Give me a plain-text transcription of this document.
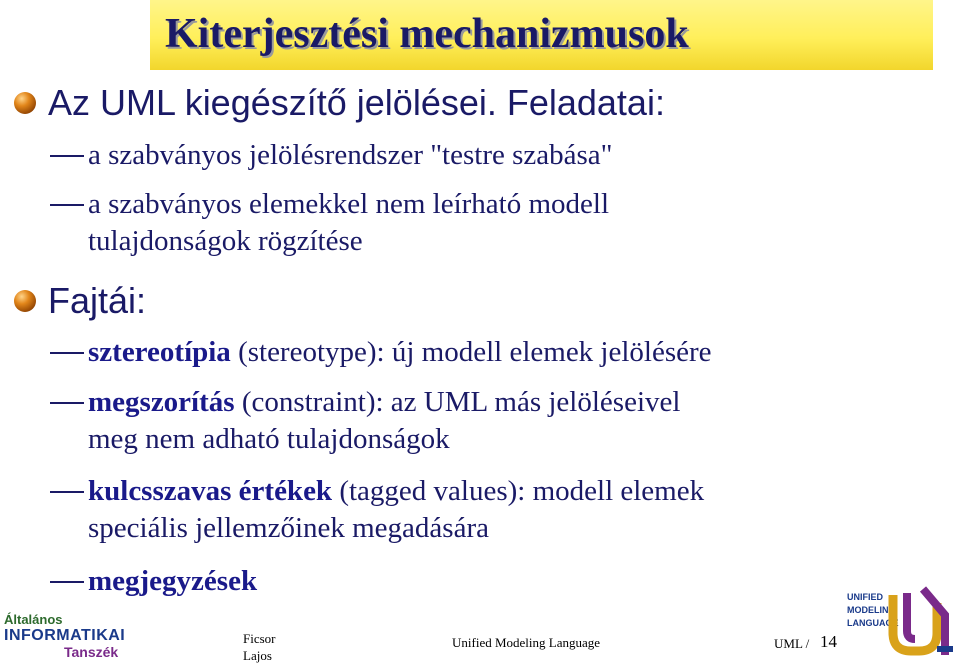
Kiterjesztési mechanizmusok
Az UML kiegészítő jelölései. Feladatai:
a szabványos jelölésrendszer "testre szabása"
a szabványos elemekkel nem leírható modell
tulajdonságok rögzítése
Fajtái:
sztereotípia (stereotype): új modell elemek jelölésére
megszorítás (constraint): az UML más jelöléseivel
meg nem adható tulajdonságok
kulcsszavas értékek (tagged values): modell elemek
speciális jellemzőinek megadására
megjegyzések
Általános
INFORMATIKAI
Tanszék
Ficsor
Lajos
Unified Modeling Language	UML / 14
UNIFIED
MODELING
LANGUAGE
